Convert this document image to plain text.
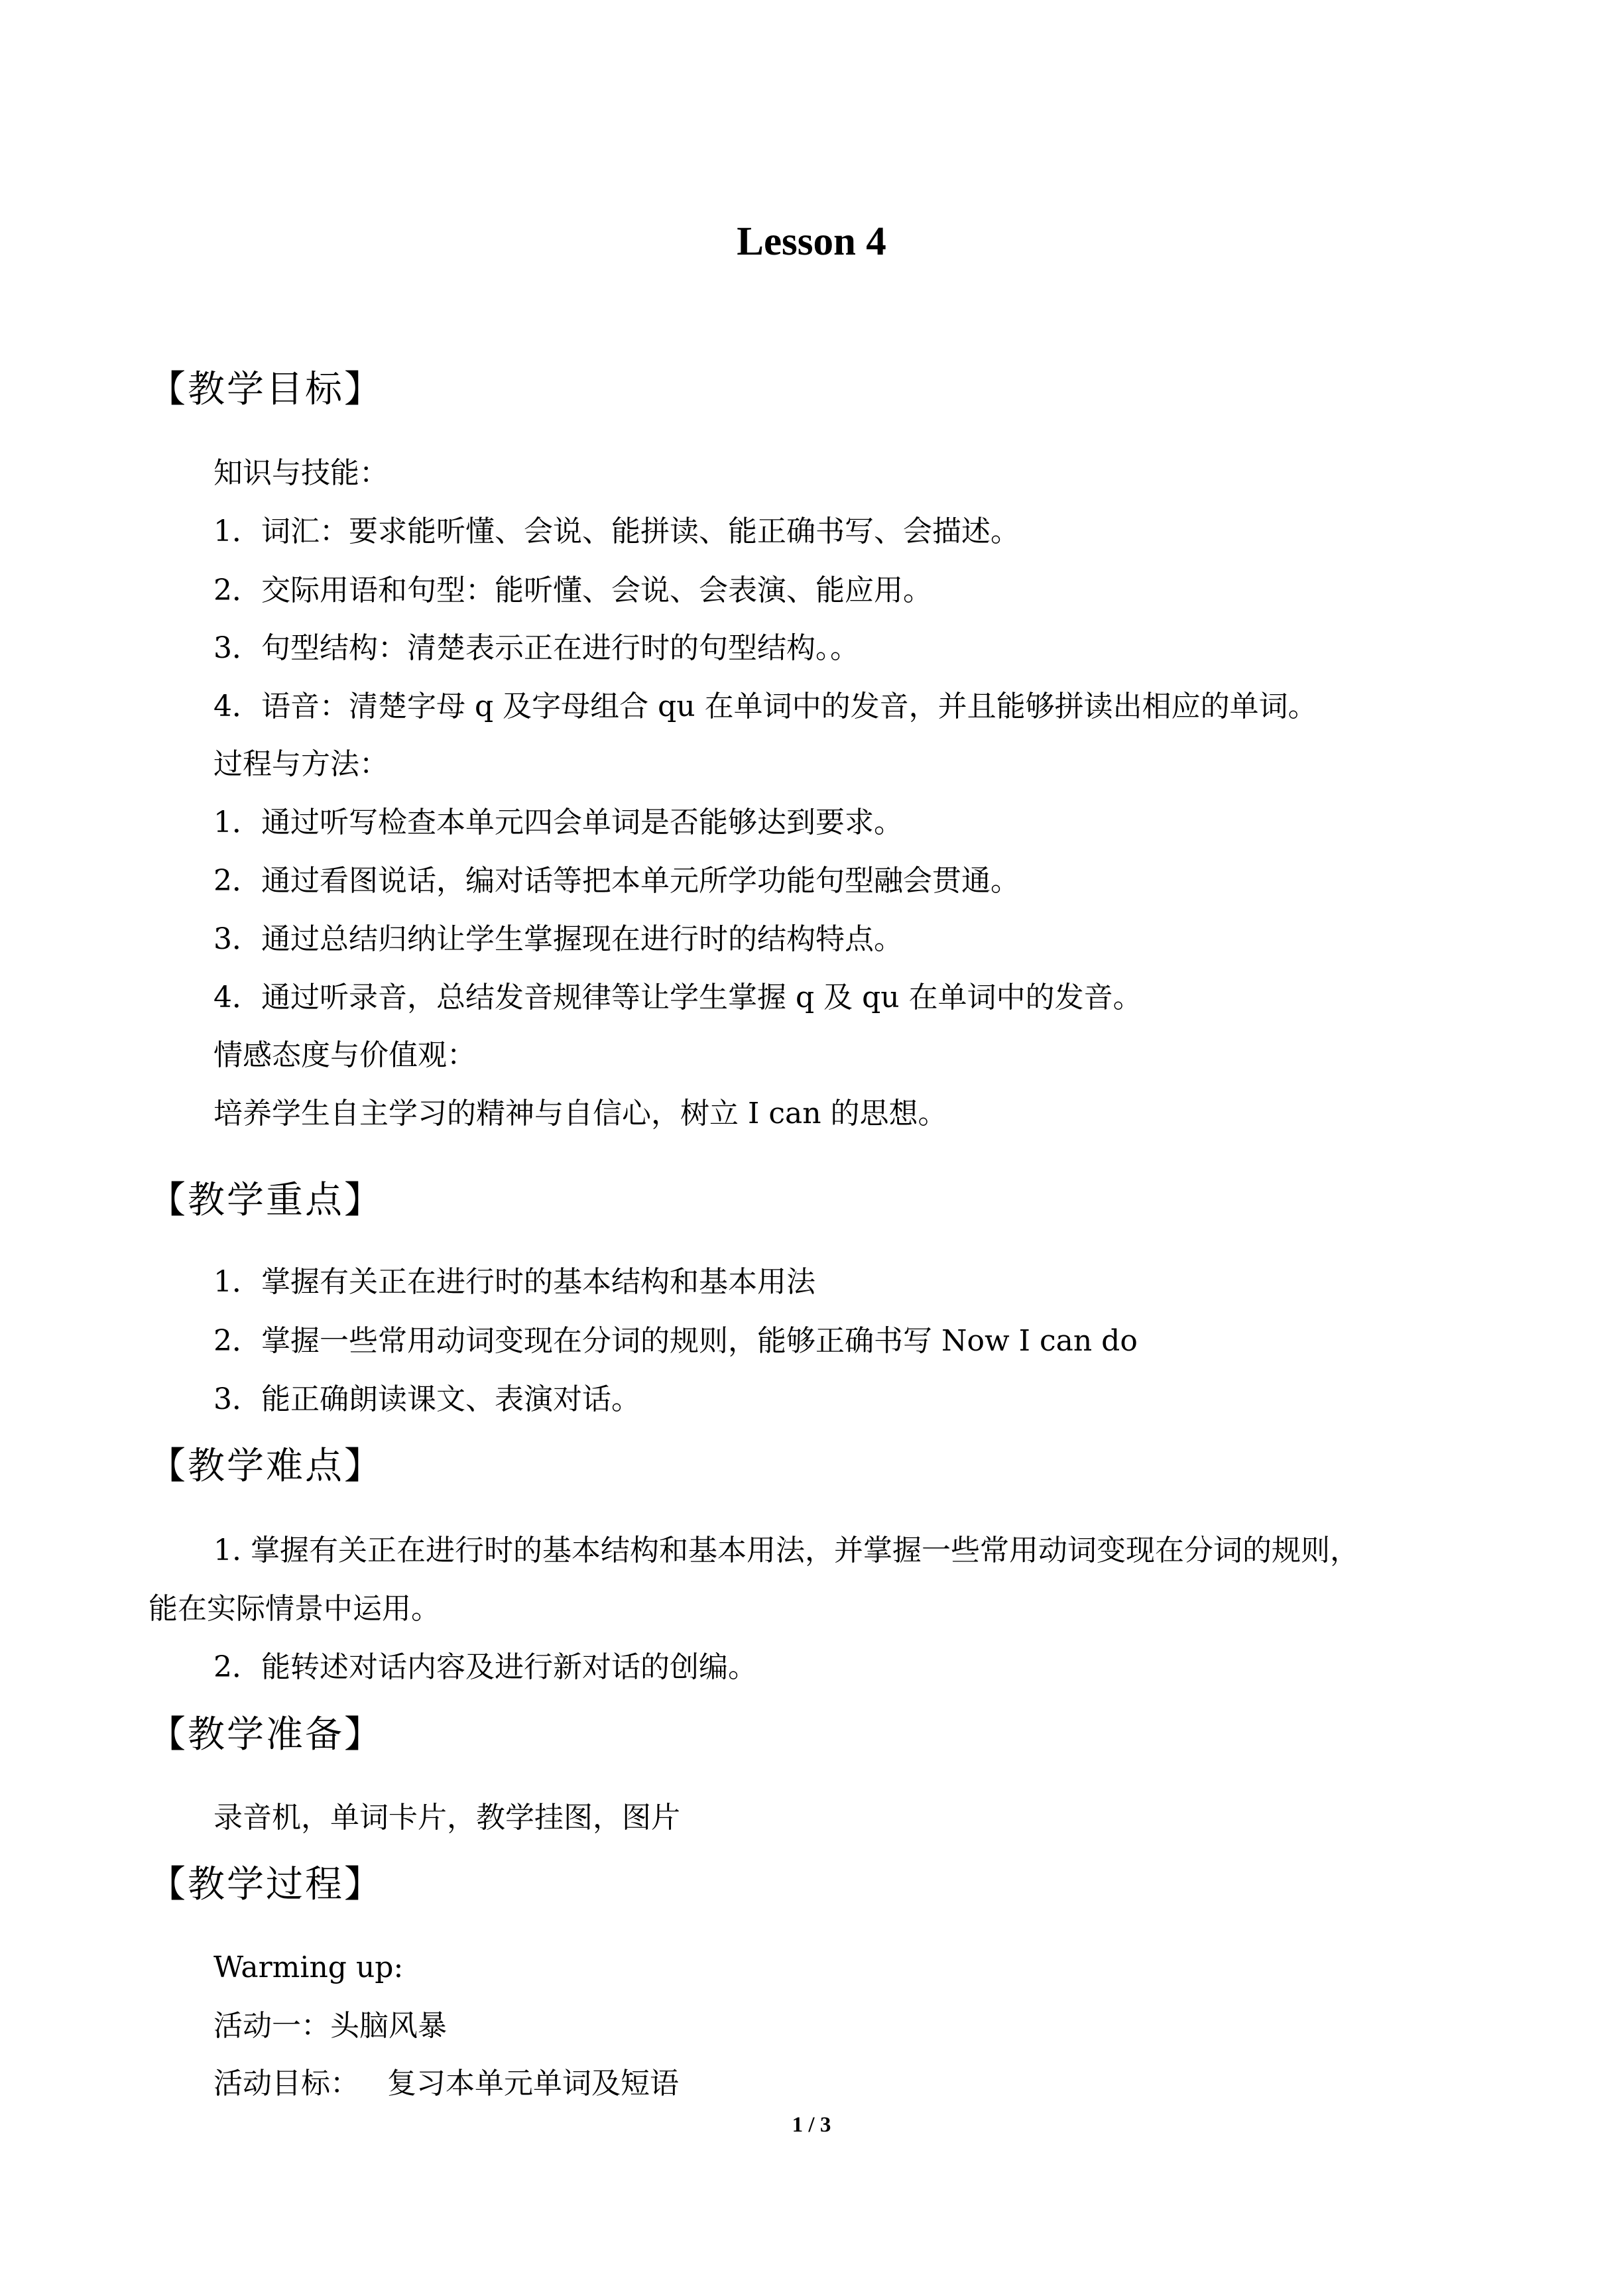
Lesson 4
【教学目标】
知识与技能：
1．词汇：要求能听懂、会说、能拼读、能正确书写、会描述。
2．交际用语和句型：能听懂、会说、会表演、能应用。
3．句型结构：清楚表示正在进行时的句型结构。。
4．语音：清楚字母 q 及字母组合 qu 在单词中的发音，并且能够拼读出相应的单词。
过程与方法：
1．通过听写检查本单元四会单词是否能够达到要求。
2．通过看图说话，编对话等把本单元所学功能句型融会贯通。
3．通过总结归纳让学生掌握现在进行时的结构特点。
4．通过听录音，总结发音规律等让学生掌握 q 及 qu 在单词中的发音。
情感态度与价值观：
培养学生自主学习的精神与自信心，树立 I can 的思想。
【教学重点】
1．掌握有关正在进行时的基本结构和基本用法
2．掌握一些常用动词变现在分词的规则，能够正确书写 Now I can do
3．能正确朗读课文、表演对话。
【教学难点】
1. 掌握有关正在进行时的基本结构和基本用法，并掌握一些常用动词变现在分词的规则，
能在实际情景中运用。
2．能转述对话内容及进行新对话的创编。
【教学准备】
录音机，单词卡片，教学挂图，图片
【教学过程】
Warming up:
活动一：头脑风暴
活动目标：   复习本单元单词及短语
1 / 3
